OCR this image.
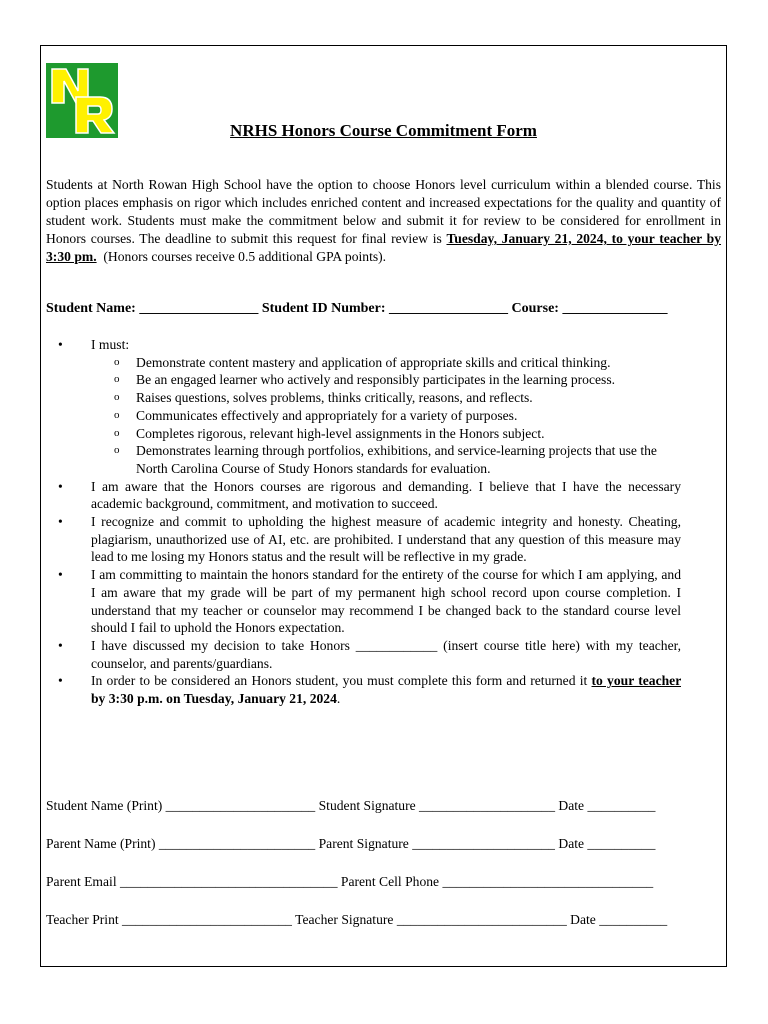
NRHS Honors Course Commitment Form
Students at North Rowan High School have the option to choose Honors level curriculum within a blended course. This option places emphasis on rigor which includes enriched content and increased expectations for the quality and quantity of student work. Students must make the commitment below and submit it for review to be considered for enrollment in Honors courses. The deadline to submit this request for final review is Tuesday, January 21, 2024, to your teacher by 3:30 pm.  (Honors courses receive 0.5 additional GPA points).
Student Name: _________________ Student ID Number: _________________ Course: _______________
• I must:
o Demonstrate content mastery and application of appropriate skills and critical thinking.
o Be an engaged learner who actively and responsibly participates in the learning process.
o Raises questions, solves problems, thinks critically, reasons, and reflects.
o Communicates effectively and appropriately for a variety of purposes.
o Completes rigorous, relevant high-level assignments in the Honors subject.
o Demonstrates learning through portfolios, exhibitions, and service-learning projects that use the North Carolina Course of Study Honors standards for evaluation.
• I am aware that the Honors courses are rigorous and demanding. I believe that I have the necessary academic background, commitment, and motivation to succeed.
• I recognize and commit to upholding the highest measure of academic integrity and honesty. Cheating, plagiarism, unauthorized use of AI, etc. are prohibited. I understand that any question of this measure may lead to me losing my Honors status and the result will be reflective in my grade.
• I am committing to maintain the honors standard for the entirety of the course for which I am applying, and I am aware that my grade will be part of my permanent high school record upon course completion. I understand that my teacher or counselor may recommend I be changed back to the standard course level should I fail to uphold the Honors expectation.
• I have discussed my decision to take Honors ____________ (insert course title here) with my teacher, counselor, and parents/guardians.
• In order to be considered an Honors student, you must complete this form and returned it to your teacher by 3:30 p.m. on Tuesday, January 21, 2024.
Student Name (Print) ______________________ Student Signature ____________________ Date __________
Parent Name (Print) _______________________ Parent Signature _____________________ Date __________
Parent Email ________________________________ Parent Cell Phone _______________________________
Teacher Print _________________________ Teacher Signature _________________________ Date __________
